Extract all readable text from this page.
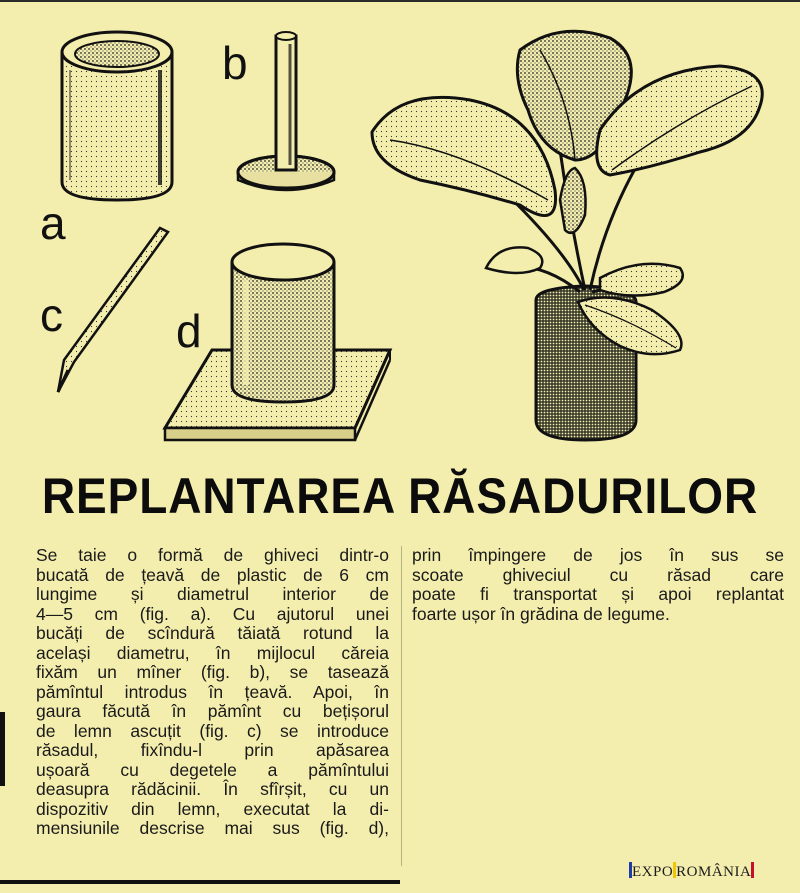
a
b
c d
REPLANTAREA RĂSADURILOR
Se taie o formă de ghiveci dintr-o
bucată de țeavă de plastic de 6 cm
lungime și diametrul interior de
4—5 cm (fig. a). Cu ajutorul unei
bucăți de scîndură tăiată rotund la
același diametru, în mijlocul căreia
fixăm un mîner (fig. b), se tasează
pămîntul introdus în țeavă. Apoi, în
gaura făcută în pămînt cu bețișorul
de lemn ascuțit (fig. c) se introduce
răsadul, fixîndu-l prin apăsarea
ușoară cu degetele a pămîntului
deasupra rădăcinii. În sfîrșit, cu un
dispozitiv din lemn, executat la di-
mensiunile descrise mai sus (fig. d),
prin împingere de jos în sus se
scoate ghiveciul cu răsad care
poate fi transportat și apoi replantat
foarte ușor în grădina de legume.
EXPO ROMÂNIA
